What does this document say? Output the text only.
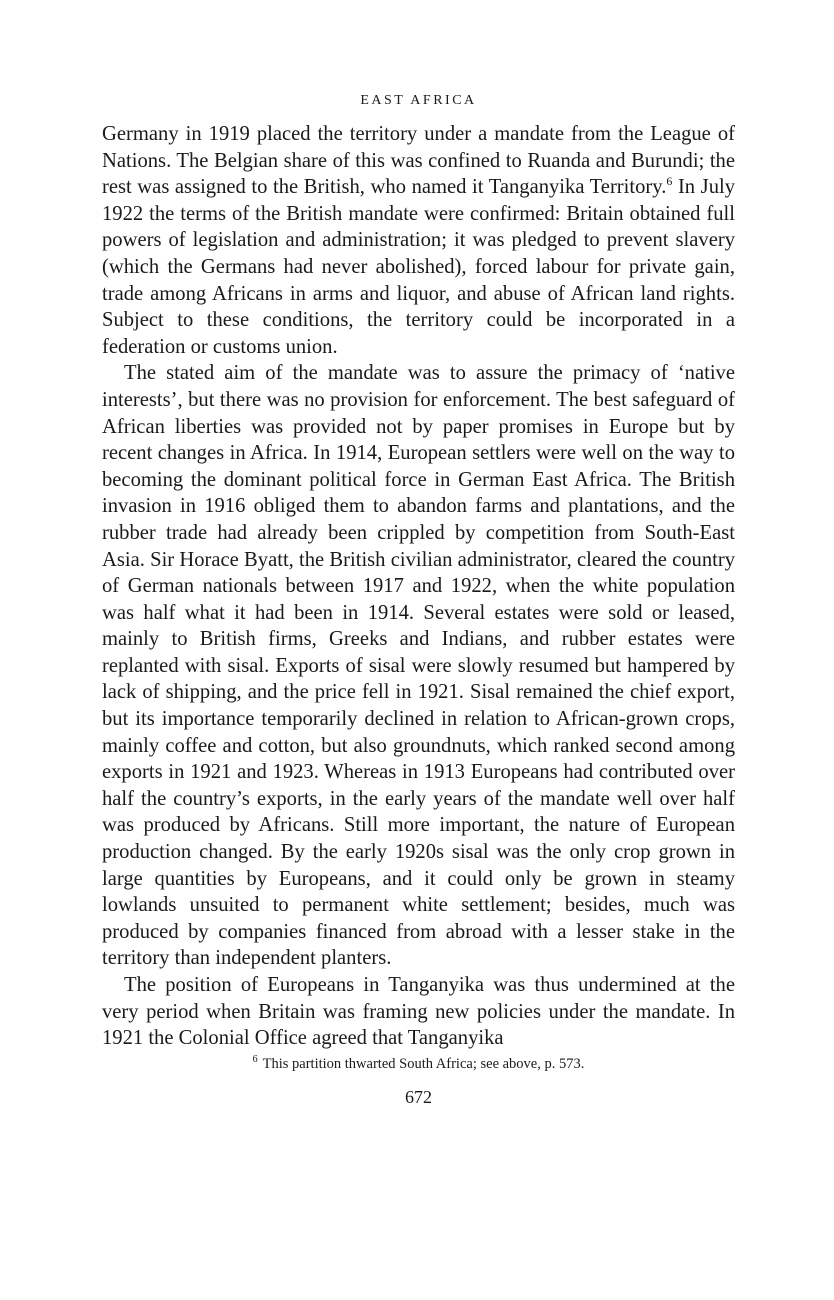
EAST AFRICA

Germany in 1919 placed the territory under a mandate from the League of Nations. The Belgian share of this was confined to Ruanda and Burundi; the rest was assigned to the British, who named it Tanganyika Territory.$^6$ In July 1922 the terms of the British mandate were confirmed: Britain obtained full powers of legislation and administration; it was pledged to prevent slavery (which the Germans had never abolished), forced labour for private gain, trade among Africans in arms and liquor, and abuse of African land rights. Subject to these conditions, the territory could be incorporated in a federation or customs union.

The stated aim of the mandate was to assure the primacy of ‘native interests’, but there was no provision for enforcement. The best safeguard of African liberties was provided not by paper promises in Europe but by recent changes in Africa. In 1914, European settlers were well on the way to becoming the dominant political force in German East Africa. The British invasion in 1916 obliged them to abandon farms and plantations, and the rubber trade had already been crippled by competition from South-East Asia. Sir Horace Byatt, the British civilian administrator, cleared the country of German nationals between 1917 and 1922, when the white population was half what it had been in 1914. Several estates were sold or leased, mainly to British firms, Greeks and Indians, and rubber estates were replanted with sisal. Exports of sisal were slowly resumed but hampered by lack of shipping, and the price fell in 1921. Sisal remained the chief export, but its importance temporarily declined in relation to African-grown crops, mainly coffee and cotton, but also groundnuts, which ranked second among exports in 1921 and 1923. Whereas in 1913 Europeans had contributed over half the country’s exports, in the early years of the mandate well over half was produced by Africans. Still more important, the nature of European production changed. By the early 1920s sisal was the only crop grown in large quantities by Europeans, and it could only be grown in steamy lowlands unsuited to permanent white settlement; besides, much was produced by companies financed from abroad with a lesser stake in the territory than independent planters.

The position of Europeans in Tanganyika was thus undermined at the very period when Britain was framing new policies under the mandate. In 1921 the Colonial Office agreed that Tanganyika

$^6$ This partition thwarted South Africa; see above, p. 573.
672
